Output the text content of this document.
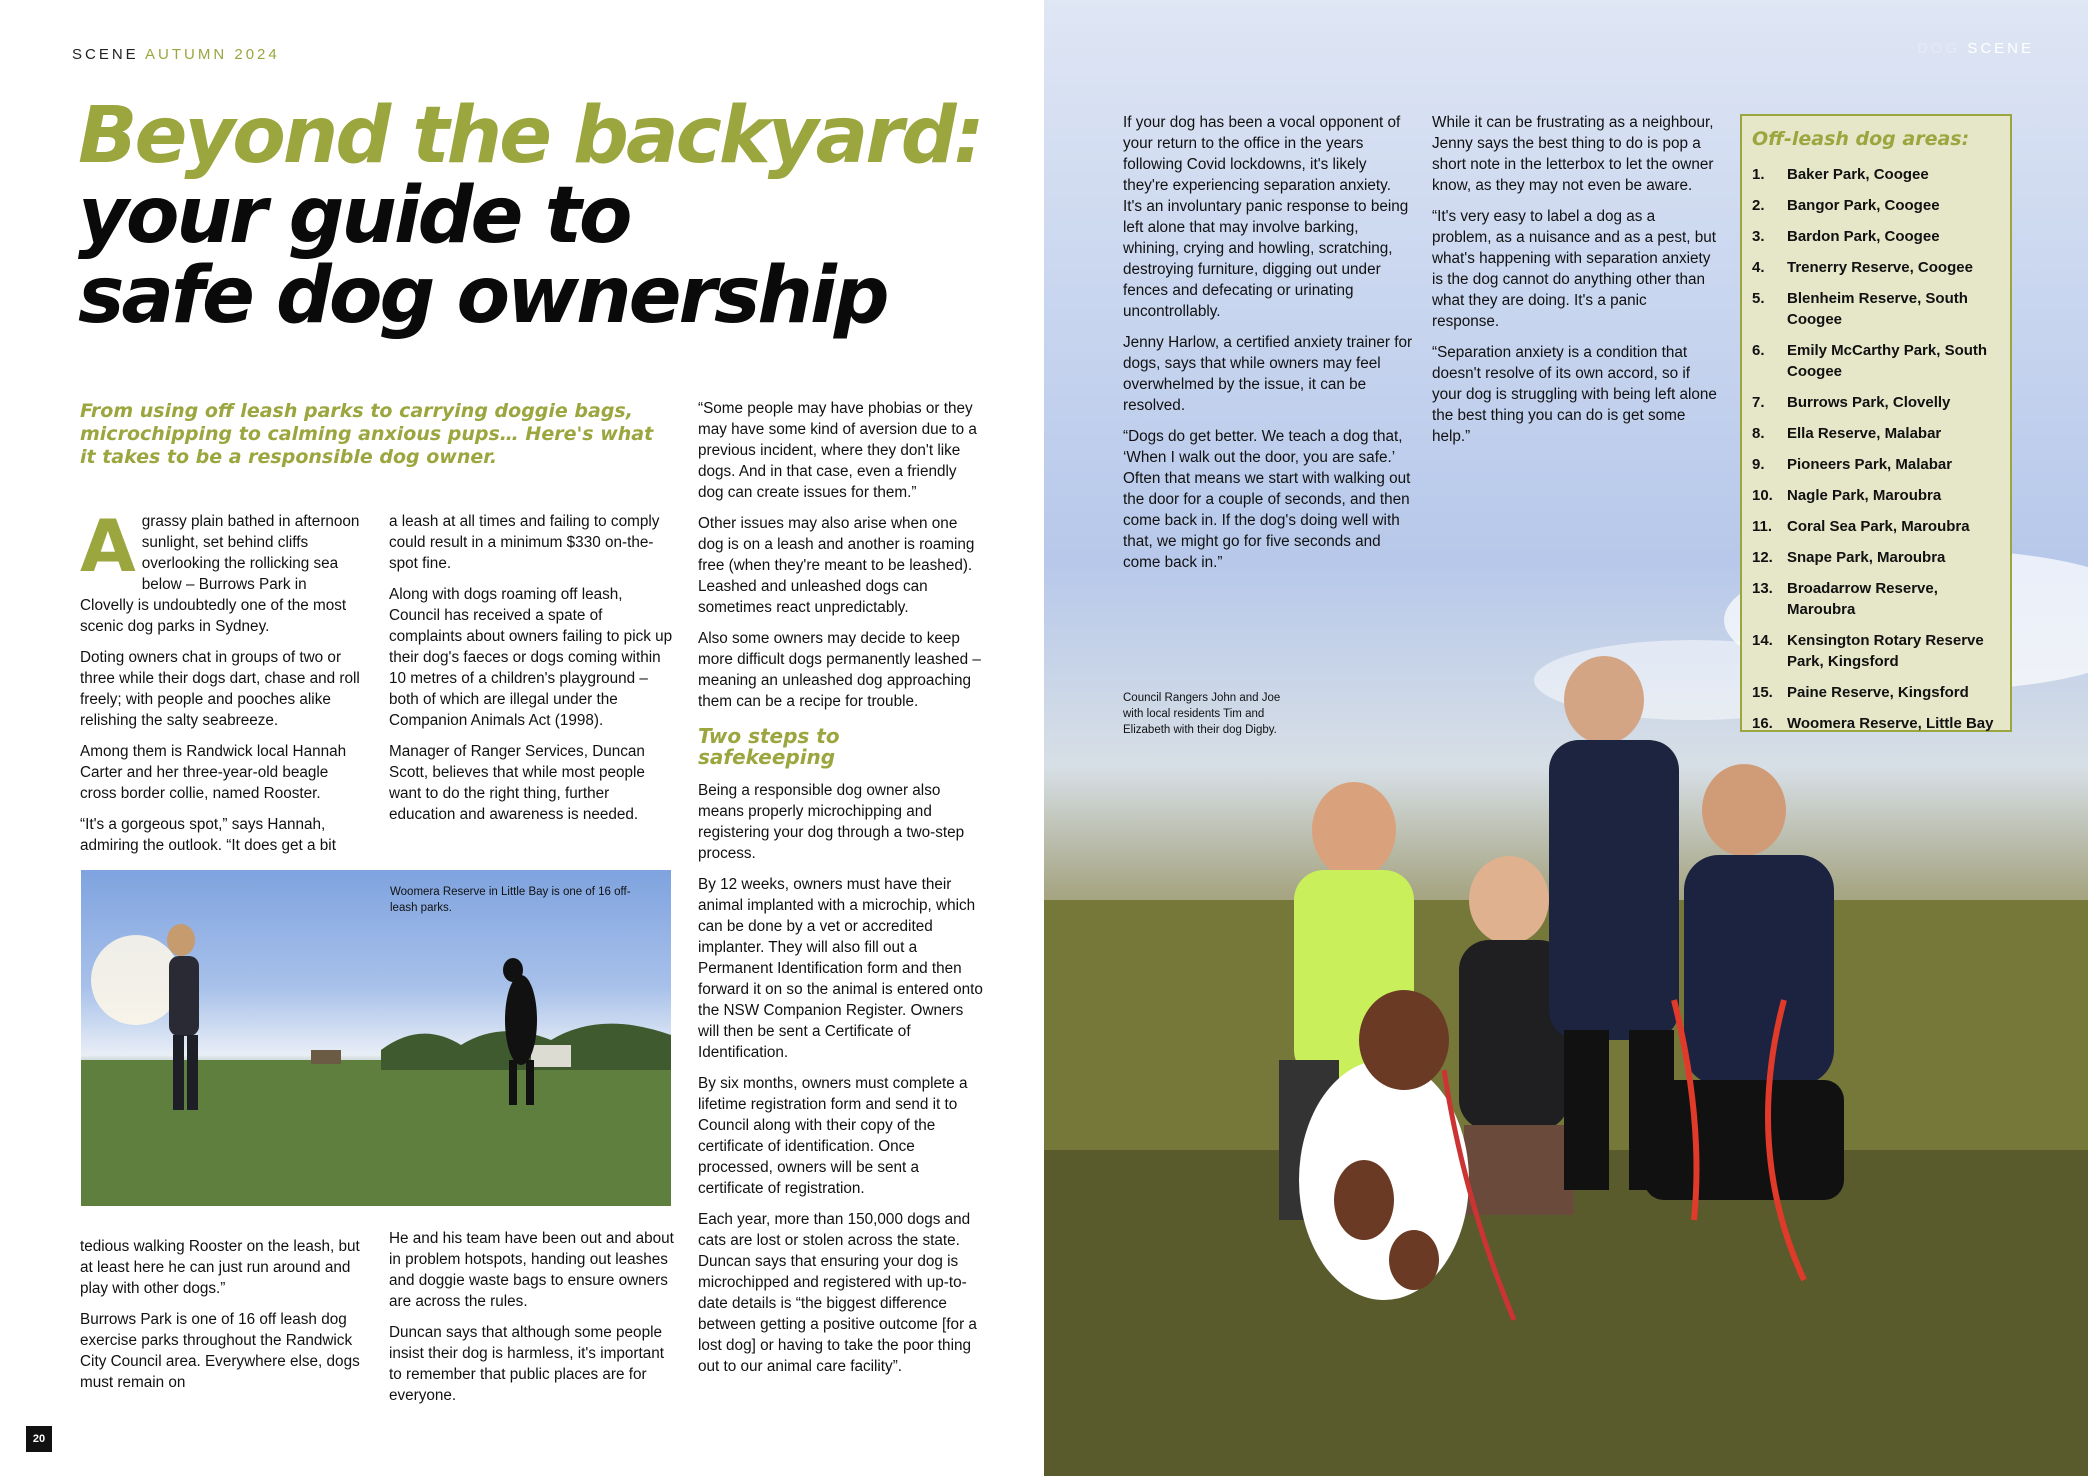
SCENE AUTUMN 2024
Beyond the backyard:
your guide to
safe dog ownership
From using off leash parks to carrying doggie bags, microchipping to calming anxious pups… Here's what it takes to be a responsible dog owner.

Agrassy plain bathed in afternoon sunlight, set behind cliffs overlooking the rollicking sea below – Burrows Park in Clovelly is undoubtedly one of the most scenic dog parks in Sydney.

Doting owners chat in groups of two or three while their dogs dart, chase and roll freely; with people and pooches alike relishing the salty seabreeze.

Among them is Randwick local Hannah Carter and her three-year-old beagle cross border collie, named Rooster.

“It's a gorgeous spot,” says Hannah, admiring the outlook. “It does get a bit

a leash at all times and failing to comply could result in a minimum $330 on-the-spot fine.

Along with dogs roaming off leash, Council has received a spate of complaints about owners failing to pick up their dog's faeces or dogs coming within 10 metres of a children's playground – both of which are illegal under the Companion Animals Act (1998).

Manager of Ranger Services, Duncan Scott, believes that while most people want to do the right thing, further education and awareness is needed.

Woomera Reserve in Little Bay is one of 16 off-leash parks.

tedious walking Rooster on the leash, but at least here he can just run around and play with other dogs.”

Burrows Park is one of 16 off leash dog exercise parks throughout the Randwick City Council area. Everywhere else, dogs must remain on

He and his team have been out and about in problem hotspots, handing out leashes and doggie waste bags to ensure owners are across the rules.

Duncan says that although some people insist their dog is harmless, it's important to remember that public places are for everyone.

“Some people may have phobias or they may have some kind of aversion due to a previous incident, where they don't like dogs. And in that case, even a friendly dog can create issues for them.”

Other issues may also arise when one dog is on a leash and another is roaming free (when they're meant to be leashed). Leashed and unleashed dogs can sometimes react unpredictably.

Also some owners may decide to keep more difficult dogs permanently leashed – meaning an unleashed dog approaching them can be a recipe for trouble.

Two steps to safekeeping

Being a responsible dog owner also means properly microchipping and registering your dog through a two-step process.

By 12 weeks, owners must have their animal implanted with a microchip, which can be done by a vet or accredited implanter. They will also fill out a Permanent Identification form and then forward it on so the animal is entered onto the NSW Companion Register. Owners will then be sent a Certificate of Identification.

By six months, owners must complete a lifetime registration form and send it to Council along with their copy of the certificate of identification. Once processed, owners will be sent a certificate of registration.

Each year, more than 150,000 dogs and cats are lost or stolen across the state. Duncan says that ensuring your dog is microchipped and registered with up-to-date details is “the biggest difference between getting a positive outcome [for a lost dog] or having to take the poor thing out to our animal care facility”.

20
DOG SCENE

If your dog has been a vocal opponent of your return to the office in the years following Covid lockdowns, it's likely they're experiencing separation anxiety. It's an involuntary panic response to being left alone that may involve barking, whining, crying and howling, scratching, destroying furniture, digging out under fences and defecating or urinating uncontrollably.

Jenny Harlow, a certified anxiety trainer for dogs, says that while owners may feel overwhelmed by the issue, it can be resolved.

“Dogs do get better. We teach a dog that, ‘When I walk out the door, you are safe.’ Often that means we start with walking out the door for a couple of seconds, and then come back in. If the dog's doing well with that, we might go for five seconds and come back in.”

While it can be frustrating as a neighbour, Jenny says the best thing to do is pop a short note in the letterbox to let the owner know, as they may not even be aware.

“It's very easy to label a dog as a problem, as a nuisance and as a pest, but what's happening with separation anxiety is the dog cannot do anything other than what they are doing. It's a panic response.

“Separation anxiety is a condition that doesn't resolve of its own accord, so if your dog is struggling with being left alone the best thing you can do is get some help.”

Council Rangers John and Joe with local residents Tim and Elizabeth with their dog Digby.
Off-leash dog areas:
1.	Baker Park, Coogee
2.	Bangor Park, Coogee
3.	Bardon Park, Coogee
4.	Trenerry Reserve, Coogee
5.	Blenheim Reserve, South Coogee
6.	Emily McCarthy Park, South Coogee
7.	Burrows Park, Clovelly
8.	Ella Reserve, Malabar
9.	Pioneers Park, Malabar
10. Nagle Park, Maroubra
11. Coral Sea Park, Maroubra
12. Snape Park, Maroubra
13. Broadarrow Reserve, Maroubra
14. Kensington Rotary Reserve Park, Kingsford
15. Paine Reserve, Kingsford
16. Woomera Reserve, Little Bay
